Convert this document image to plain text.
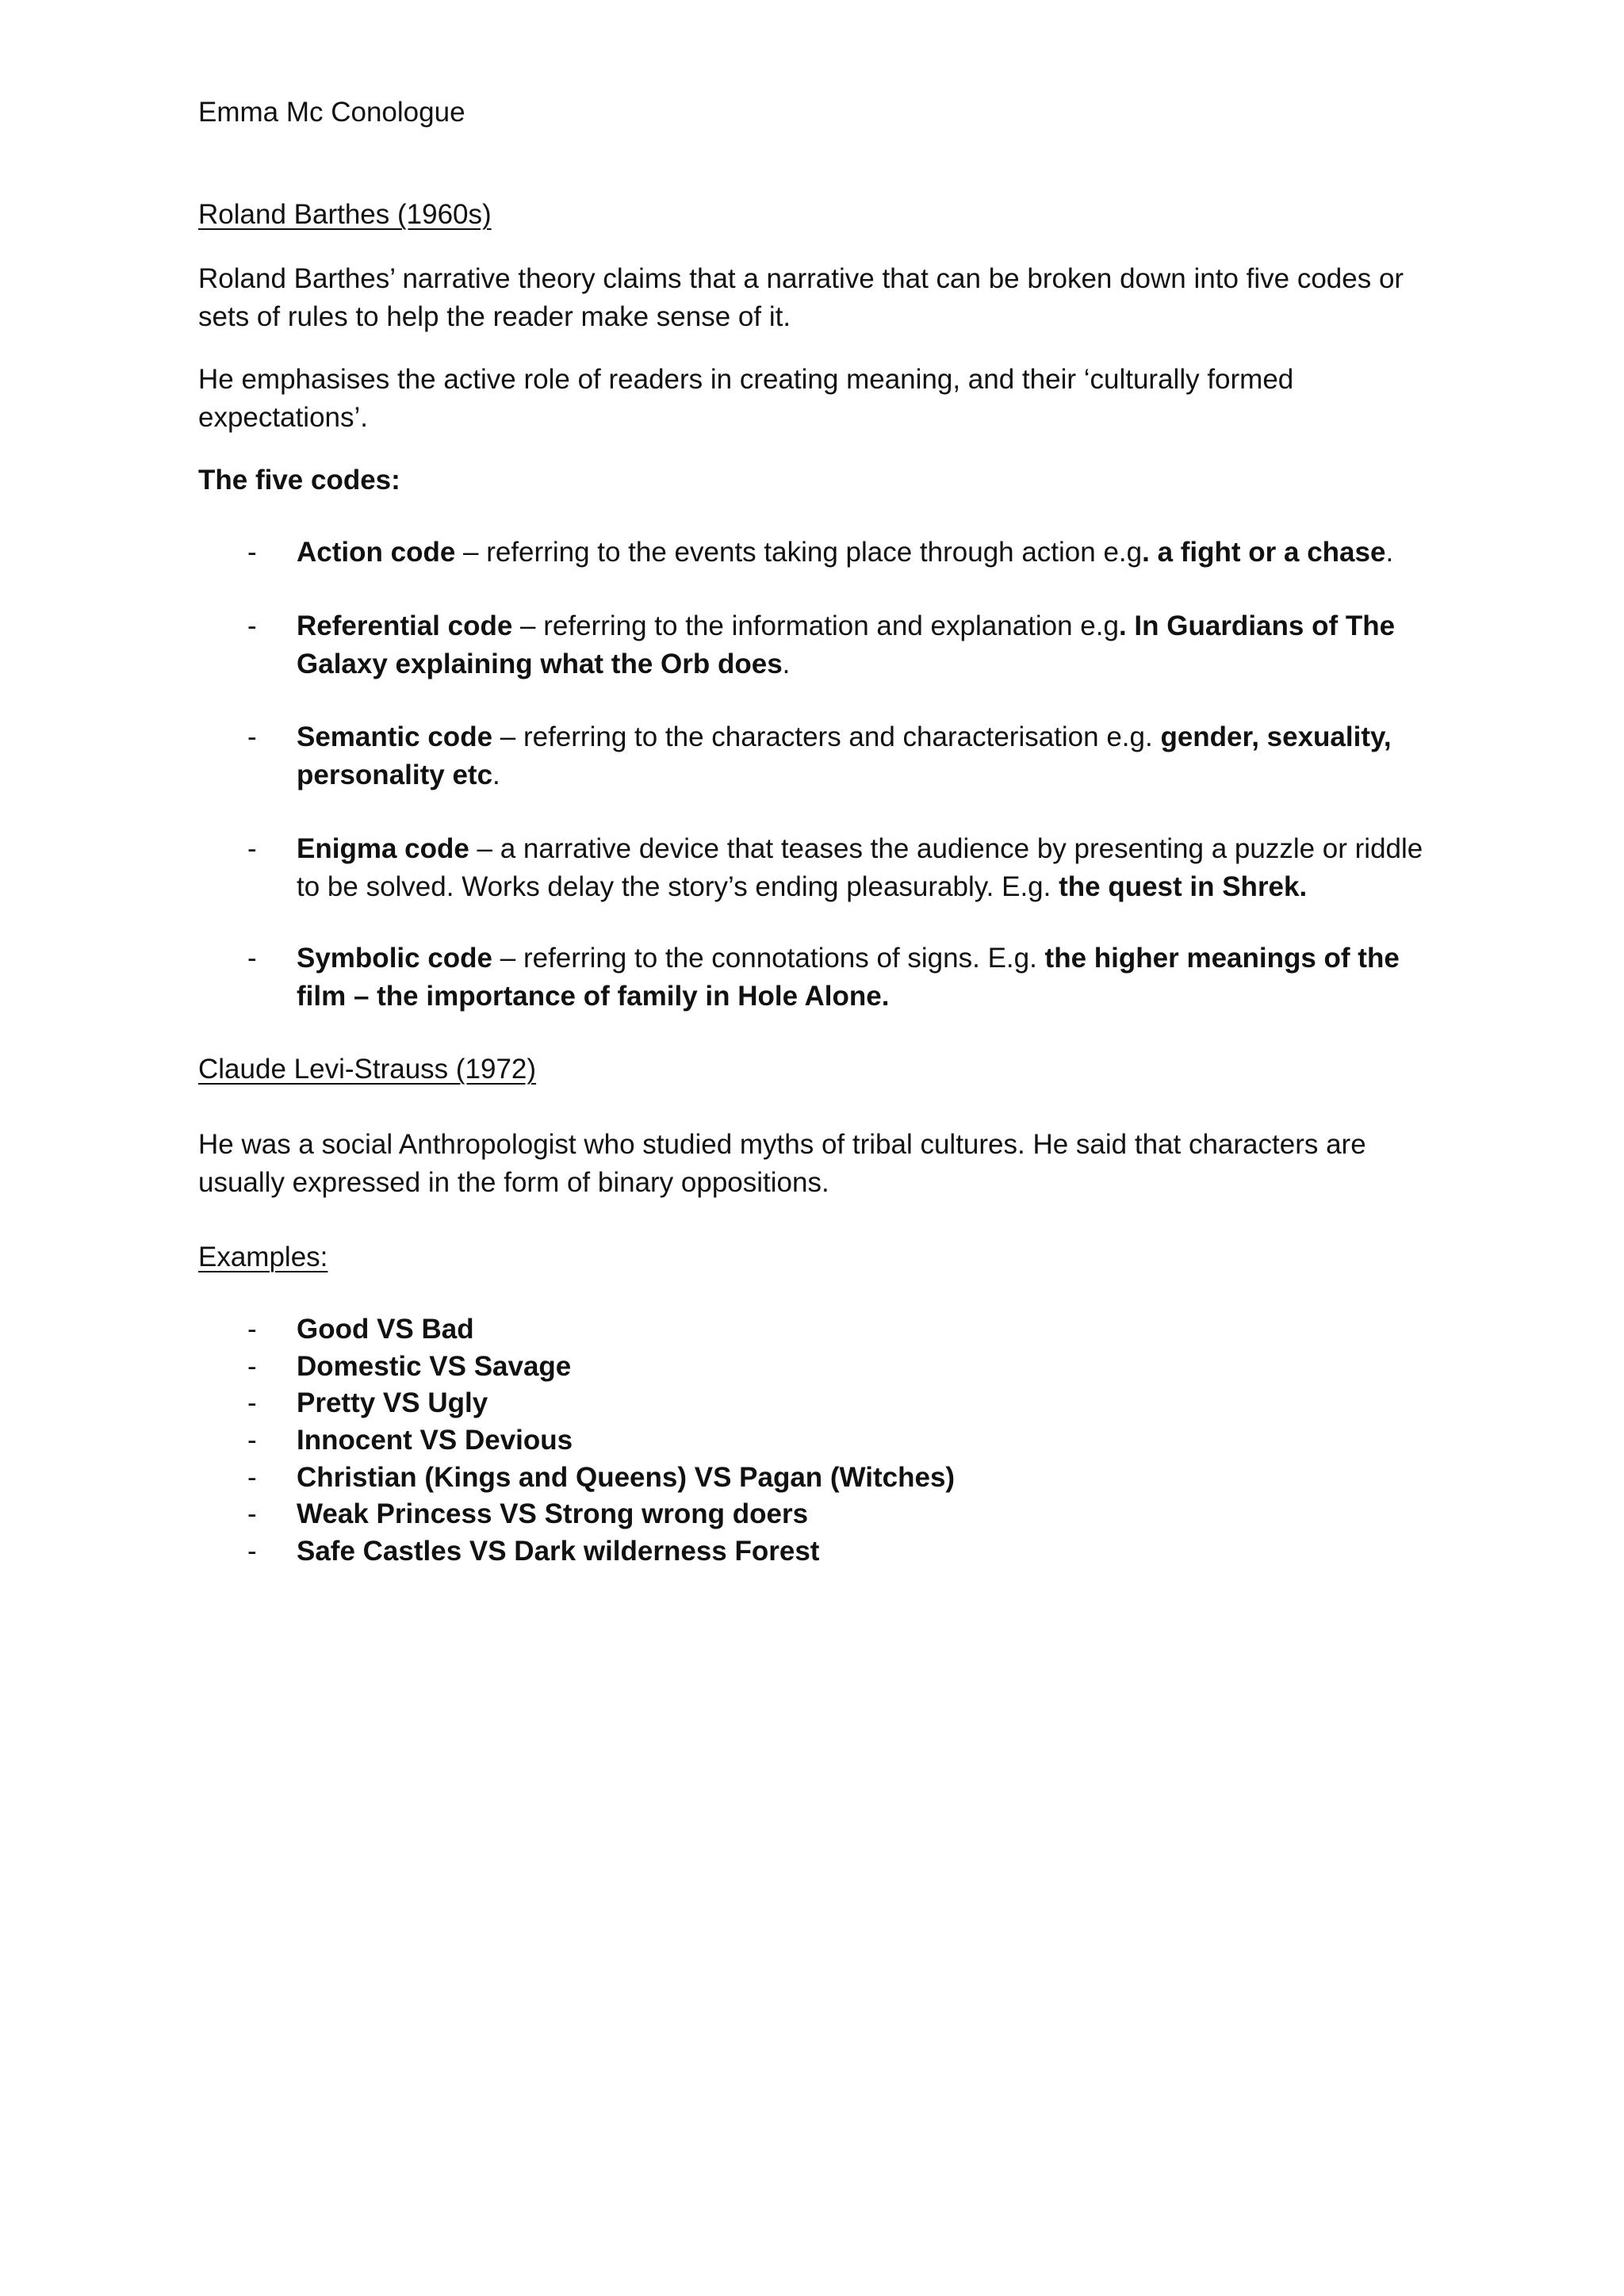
Emma Mc Conologue

Roland Barthes (1960s)

Roland Barthes’ narrative theory claims that a narrative that can be broken down into five codes or sets of rules to help the reader make sense of it.

He emphasises the active role of readers in creating meaning, and their ‘culturally formed expectations’.

The five codes:

-	Action code – referring to the events taking place through action e.g. a fight or a chase.

-	Referential code – referring to the information and explanation e.g. In Guardians of The Galaxy explaining what the Orb does.

-	Semantic code – referring to the characters and characterisation e.g. gender, sexuality, personality etc.

-	Enigma code – a narrative device that teases the audience by presenting a puzzle or riddle to be solved. Works delay the story’s ending pleasurably. E.g. the quest in Shrek.

-	Symbolic code – referring to the connotations of signs. E.g. the higher meanings of the film – the importance of family in Hole Alone.

Claude Levi-Strauss (1972)

He was a social Anthropologist who studied myths of tribal cultures. He said that characters are usually expressed in the form of binary oppositions.

Examples:

-	Good VS Bad

-	Domestic VS Savage

-	Pretty VS Ugly

-	Innocent VS Devious

-	Christian (Kings and Queens) VS Pagan (Witches)

-	Weak Princess VS Strong wrong doers

-	Safe Castles VS Dark wilderness Forest
